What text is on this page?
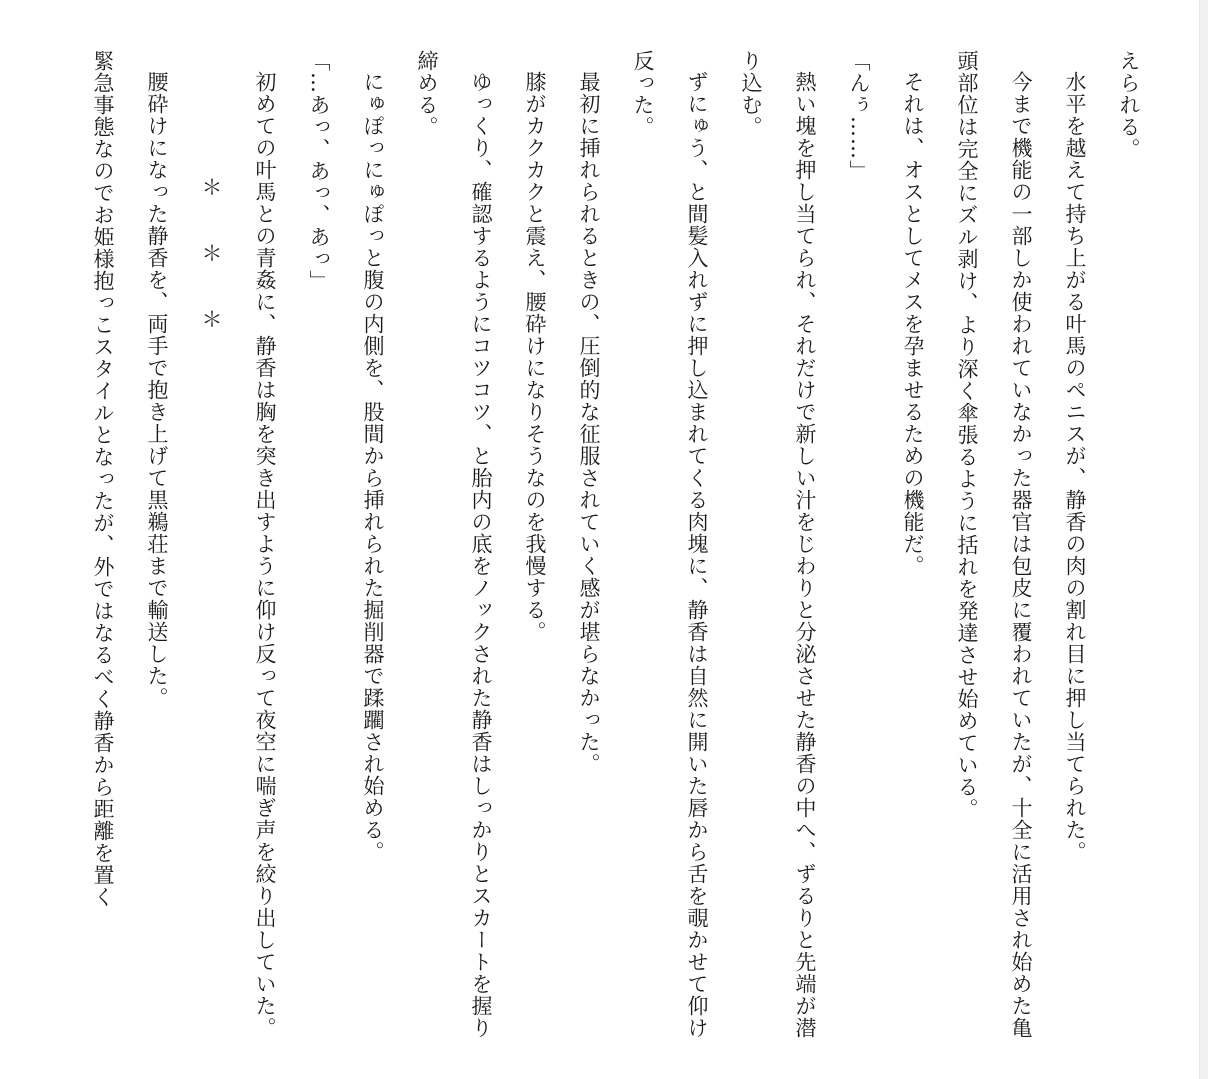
えられる。

水平を越えて持ち上がる叶馬のペニスが、静香の肉の割れ目に押し当てられた。

今まで機能の一部しか使われていなかった器官は包皮に覆われていたが、十全に活用され始めた亀頭部位は完全にズル剥け、より深く傘張るように括れを発達させ始めている。

それは、オスとしてメスを孕ませるための機能だ。

「んぅ……」

熱い塊を押し当てられ、それだけで新しい汁をじわりと分泌させた静香の中へ、ずるりと先端が潜り込む。

ずにゅう、と間髪入れずに押し込まれてくる肉塊に、静香は自然に開いた唇から舌を覗かせて仰け反った。

最初に挿れられるときの、圧倒的な征服されていく感が堪らなかった。

膝がカクカクと震え、腰砕けになりそうなのを我慢する。

ゆっくり、確認するようにコツコツ、と胎内の底をノックされた静香はしっかりとスカートを握り締める。

にゅぽっにゅぽっと腹の内側を、股間から挿れられた掘削器で蹂躙され始める。

「…あっ、あっ、あっ」

初めての叶馬との青姦に、静香は胸を突き出すように仰け反って夜空に喘ぎ声を絞り出していた。

＊　＊　＊

腰砕けになった静香を、両手で抱き上げて黒鵜荘まで輸送した。

緊急事態なのでお姫様抱っこスタイルとなったが、外ではなるべく静香から距離を置く
